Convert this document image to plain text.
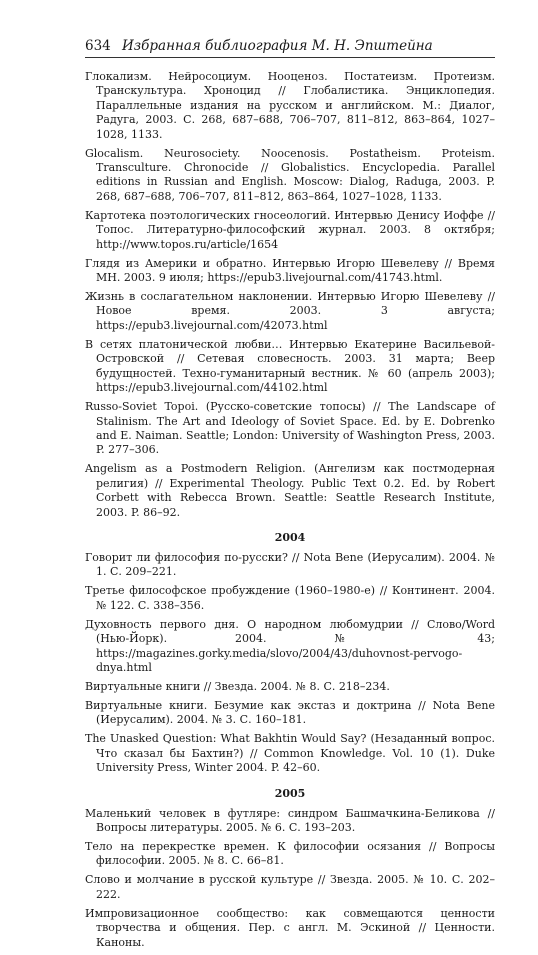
634 Избранная библиография М. Н. Эпштейна

Глокализм. Нейросоциум. Нооценоз. Постатеизм. Протеизм. Транскультура. Хроноцид // Глобалистика. Энциклопедия. Параллельные издания на русском и английском. М.: Диалог, Радуга, 2003. С. 268, 687–688, 706–707, 811–812, 863–864, 1027–1028, 1133.

Glocalism. Neurosociety. Noocenosis. Postatheism. Proteism. Transculture. Chronocide // Globalistics. Encyclopedia. Parallel editions in Russian and English. Moscow: Dialog, Raduga, 2003. P. 268, 687–688, 706–707, 811–812, 863–864, 1027–1028, 1133.

Картотека поэтологических гносеологий. Интервью Денису Иоффе // Топос. Литературно-философский журнал. 2003. 8 октября; http://www.topos.ru/article/1654

Глядя из Америки и обратно. Интервью Игорю Шевелеву // Время МН. 2003. 9 июля; https://epub3.livejournal.com/41743.html.

Жизнь в сослагательном наклонении. Интервью Игорю Шевелеву // Новое время. 2003. 3 августа; https://epub3.livejournal.com/42073.html

В сетях платонической любви… Интервью Екатерине Васильевой-Островской // Сетевая словесность. 2003. 31 марта; Веер будущностей. Техно-гуманитарный вестник. № 60 (апрель 2003); https://epub3.livejournal.com/44102.html

Russo-Soviet Topoi. (Русско-советские топосы) // The Landscape of Stalinism. The Art and Ideology of Soviet Space. Ed. by E. Dobrenko and E. Naiman. Seattle; London: University of Washington Press, 2003. P. 277–306.

Angelism as a Postmodern Religion. (Ангелизм как постмодерная религия) // Experimental Theology. Public Text 0.2. Ed. by Robert Corbett with Rebecca Brown. Seattle: Seattle Research Institute, 2003. P. 86–92.

2004

Говорит ли философия по-русски? // Nota Bene (Иерусалим). 2004. № 1. С. 209–221.

Третье философское пробуждение (1960–1980-е) // Континент. 2004. № 122. С. 338–356.

Духовность первого дня. О народном любомудрии // Слово/Word (Нью-Йорк). 2004. № 43; https://magazines.gorky.media/slovo/2004/43/duhovnost-pervogo-dnya.html

Виртуальные книги // Звезда. 2004. № 8. С. 218–234.

Виртуальные книги. Безумие как экстаз и доктрина // Nota Bene (Иерусалим). 2004. № 3. С. 160–181.

The Unasked Question: What Bakhtin Would Say? (Незаданный вопрос. Что сказал бы Бахтин?) // Common Knowledge. Vol. 10 (1). Duke University Press, Winter 2004. P. 42–60.

2005

Маленький человек в футляре: синдром Башмачкина-Беликова // Вопросы литературы. 2005. № 6. С. 193–203.

Тело на перекрестке времен. К философии осязания // Вопросы философии. 2005. № 8. С. 66–81.

Слово и молчание в русской культуре // Звезда. 2005. № 10. С. 202–222.

Импровизационное сообщество: как совмещаются ценности творчества и общения. Пер. с англ. М. Эскиной // Ценности. Каноны.
